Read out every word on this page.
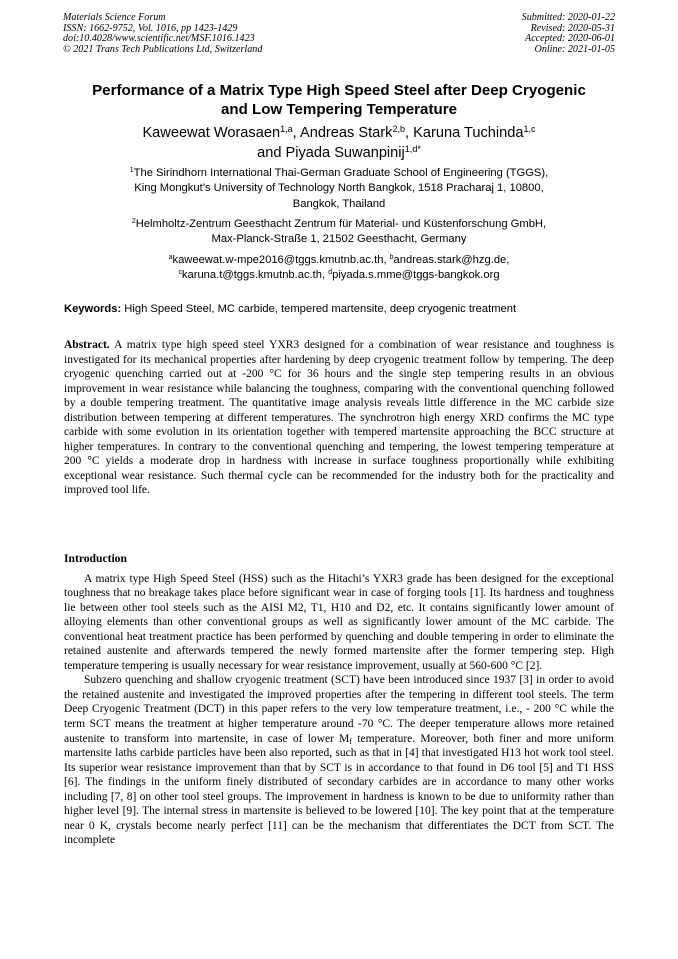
Materials Science Forum
ISSN: 1662-9752, Vol. 1016, pp 1423-1429
doi:10.4028/www.scientific.net/MSF.1016.1423
© 2021 Trans Tech Publications Ltd, Switzerland
Submitted: 2020-01-22
Revised: 2020-05-31
Accepted: 2020-06-01
Online: 2021-01-05
Performance of a Matrix Type High Speed Steel after Deep Cryogenic
and Low Tempering Temperature
Kaweewat Worasaen$^{1,a}$, Andreas Stark$^{2,b}$, Karuna Tuchinda$^{1,c}$
and Piyada Suwanpinij$^{1,d*}$
$^1$The Sirindhorn International Thai-German Graduate School of Engineering (TGGS),
King Mongkut’s University of Technology North Bangkok, 1518 Pracharaj 1, 10800,
Bangkok, Thailand
$^2$Helmholtz-Zentrum Geesthacht Zentrum für Material- und Küstenforschung GmbH,
Max-Planck-Straße 1, 21502 Geesthacht, Germany
$^a$kaweewat.w-mpe2016@tggs.kmutnb.ac.th, $^b$andreas.stark@hzg.de,
$^c$karuna.t@tggs.kmutnb.ac.th, $^d$piyada.s.mme@tggs-bangkok.org
Keywords: High Speed Steel, MC carbide, tempered martensite, deep cryogenic treatment

Abstract. A matrix type high speed steel YXR3 designed for a combination of wear resistance and toughness is investigated for its mechanical properties after hardening by deep cryogenic treatment follow by tempering. The deep cryogenic quenching carried out at -200 °C for 36 hours and the single step tempering results in an obvious improvement in wear resistance while balancing the toughness, comparing with the conventional quenching followed by a double tempering treatment. The quantitative image analysis reveals little difference in the MC carbide size distribution between tempering at different temperatures. The synchrotron high energy XRD confirms the MC type carbide with some evolution in its orientation together with tempered martensite approaching the BCC structure at higher temperatures. In contrary to the conventional quenching and tempering, the lowest tempering temperature at 200 °C yields a moderate drop in hardness with increase in surface toughness proportionally while exhibiting exceptional wear resistance. Such thermal cycle can be recommended for the industry both for the practicality and improved tool life.

Introduction

A matrix type High Speed Steel (HSS) such as the Hitachi’s YXR3 grade has been designed for the exceptional toughness that no breakage takes place before significant wear in case of forging tools [1]. Its hardness and toughness lie between other tool steels such as the AISI M2, T1, H10 and D2, etc. It contains significantly lower amount of alloying elements than other conventional groups as well as significantly lower amount of the MC carbide. The conventional heat treatment practice has been performed by quenching and double tempering in order to eliminate the retained austenite and afterwards tempered the newly formed martensite after the former tempering step. High temperature tempering is usually necessary for wear resistance improvement, usually at 560-600 °C [2].

Subzero quenching and shallow cryogenic treatment (SCT) have been introduced since 1937 [3] in order to avoid the retained austenite and investigated the improved properties after the tempering in different tool steels. The term Deep Cryogenic Treatment (DCT) in this paper refers to the very low temperature treatment, i.e., - 200 °C while the term SCT means the treatment at higher temperature around -70 °C. The deeper temperature allows more retained austenite to transform into martensite, in case of lower $M_f$ temperature. Moreover, both finer and more uniform martensite laths carbide particles have been also reported, such as that in [4] that investigated H13 hot work tool steel. Its superior wear resistance improvement than that by SCT is in accordance to that found in D6 tool [5] and T1 HSS [6]. The findings in the uniform finely distributed of secondary carbides are in accordance to many other works including [7, 8] on other tool steel groups. The improvement in hardness is known to be due to uniformity rather than higher level [9]. The internal stress in martensite is believed to be lowered [10]. The key point that at the temperature near 0 K, crystals become nearly perfect [11] can be the mechanism that differentiates the DCT from SCT. The incomplete
